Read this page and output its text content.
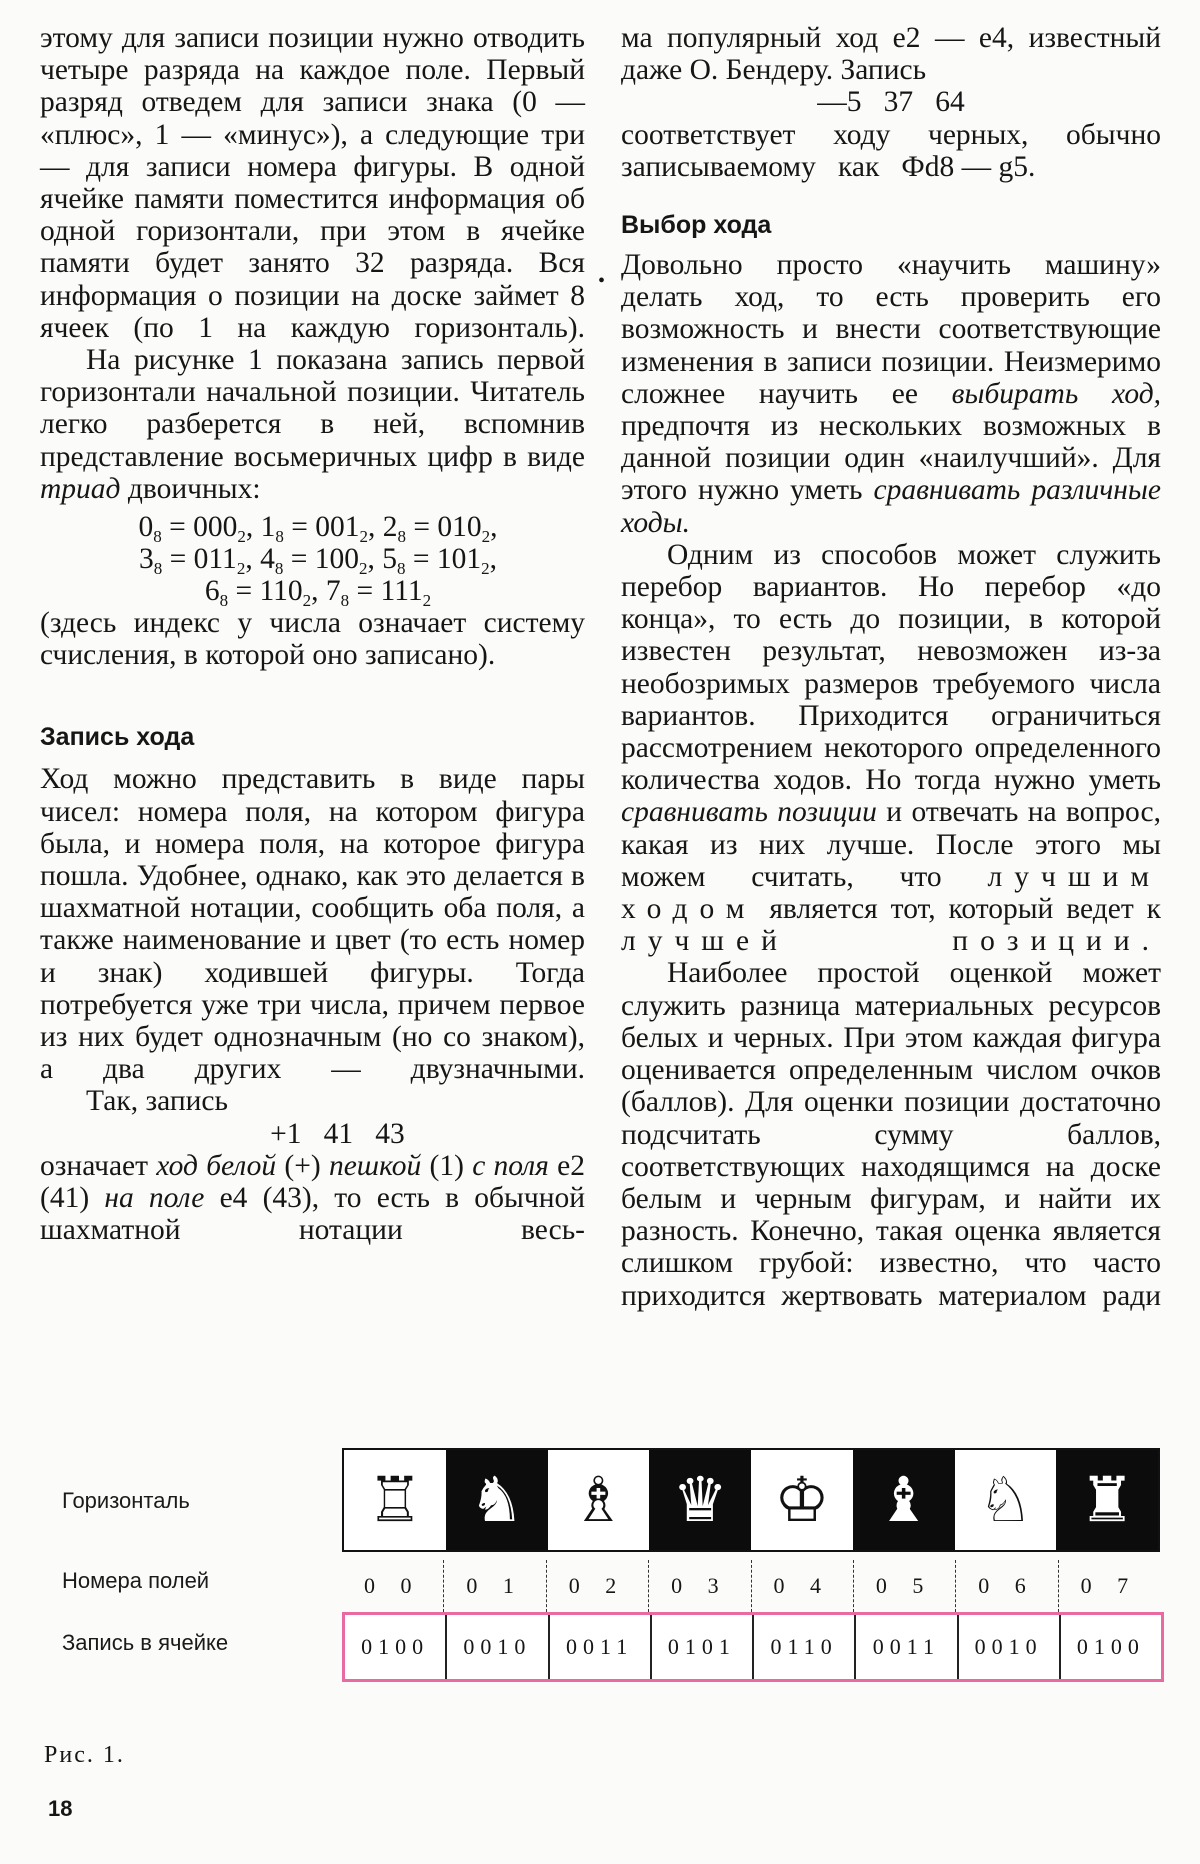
этому для записи позиции нужно отводить четыре разряда на каждое поле. Первый разряд отведем для записи знака (0 — «плюс», 1 — «минус»), а следующие три — для записи номера фигуры. В одной ячейке памяти поместится информация об одной горизонтали, при этом в ячейке памяти будет занято 32 разряда. Вся информация о позиции на доске займет 8 ячеек (по 1 на каждую горизонталь).

На рисунке 1 показана запись первой горизонтали начальной позиции. Читатель легко разберется в ней, вспомнив представление восьмеричных цифр в виде триад двоичных:

$0_8 = 000_2$, $1_8 = 001_2$, $2_8 = 010_2$,
$3_8 = 011_2$, $4_8 = 100_2$, $5_8 = 101_2$,
$6_8 = 110_2$, $7_8 = 111_2$

(здесь индекс у числа означает систему счисления, в которой оно записано).

Запись хода

Ход можно представить в виде пары чисел: номера поля, на котором фигура была, и номера поля, на которое фигура пошла. Удобнее, однако, как это делается в шахматной нотации, сообщить оба поля, а также наименование и цвет (то есть номер и знак) ходившей фигуры. Тогда потребуется уже три числа, причем первое из них будет однозначным (но со знаком), а два других — двузначными.

Так, запись

+1   41   43

означает ход белой (+) пешкой (1) с поля e2 (41) на поле e4 (43), то есть в обычной шахматной нотации весь-

•

ма популярный ход e2 — e4, известный даже О. Бендеру. Запись

—5   37   64

соответствует ходу черных, обычно записываемому   как   Фd8 — g5.

Выбор хода

Довольно просто «научить машину» делать ход, то есть проверить его возможность и внести соответствующие изменения в записи позиции. Неизмеримо сложнее научить ее выбирать ход, предпочтя из нескольких возможных в данной позиции один «наилучший». Для этого нужно уметь сравнивать различные ходы.

Одним из способов может служить перебор вариантов. Но перебор «до конца», то есть до позиции, в которой известен результат, невозможен из-за необозримых размеров требуемого числа вариантов. Приходится ограничиться рассмотрением некоторого определенного количества ходов. Но тогда нужно уметь сравнивать позиции и отвечать на вопрос, какая из них лучше. После этого мы можем считать, что лучшим ходом является тот, который ведет к лучшей позиции.

Наиболее простой оценкой может служить разница материальных ресурсов белых и черных. При этом каждая фигура оценивается определенным числом очков (баллов). Для оценки позиции достаточно подсчитать сумму баллов, соответствующих находящимся на доске белым и черным фигурам, и найти их разность. Конечно, такая оценка является слишком грубой: известно, что часто приходится жертвовать материалом ради

Горизонталь
Номера полей
Запись в ячейке
♖ ♞ ♗ ♛ ♔ ♝ ♘ ♜
0 0	0 1	0 2	0 3	0 4	0 5	0 6	0 7
0100	0010	0011	0101	0110	0011	0010	0100
Рис. 1.
18
